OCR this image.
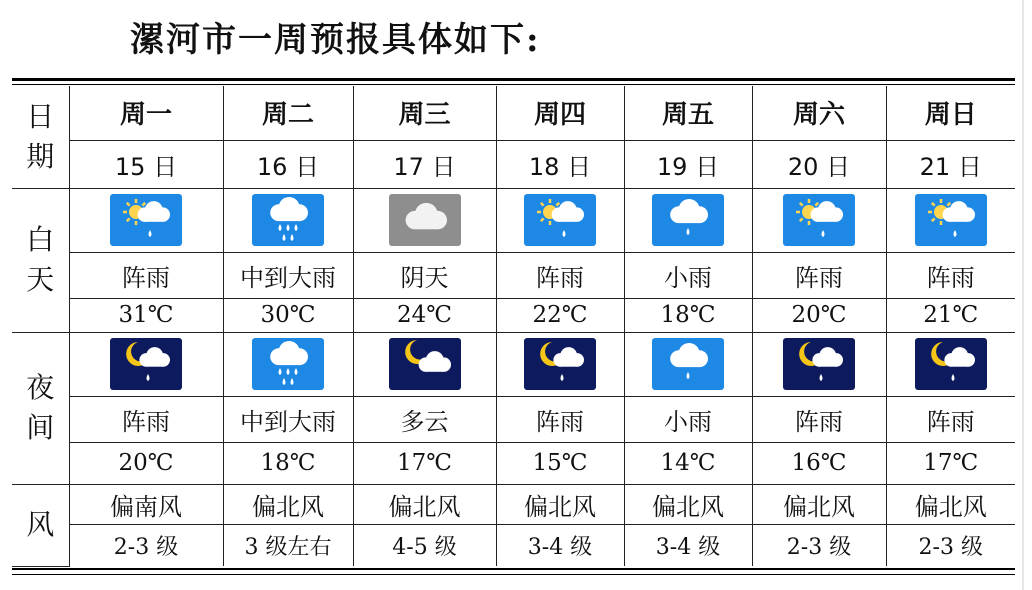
漯河市一周预报具体如下:
日
期	周一	周二	周三	周四	周五	周六	周日
	15 日	16 日	17 日	18 日	19 日	20 日	21 日

白
天

	阵雨	中到大雨	阴天	阵雨	小雨	阵雨	阵雨
	31℃	30℃	24℃	22℃	18℃	20℃	21℃

夜
间

	阵雨	中到大雨	多云	阵雨	小雨	阵雨	阵雨
	20℃	18℃	17℃	15℃	14℃	16℃	17℃

风	偏南风	偏北风	偏北风	偏北风	偏北风	偏北风	偏北风
	2-3 级	3 级左右	4-5 级	3-4 级	3-4 级	2-3 级	2-3 级
